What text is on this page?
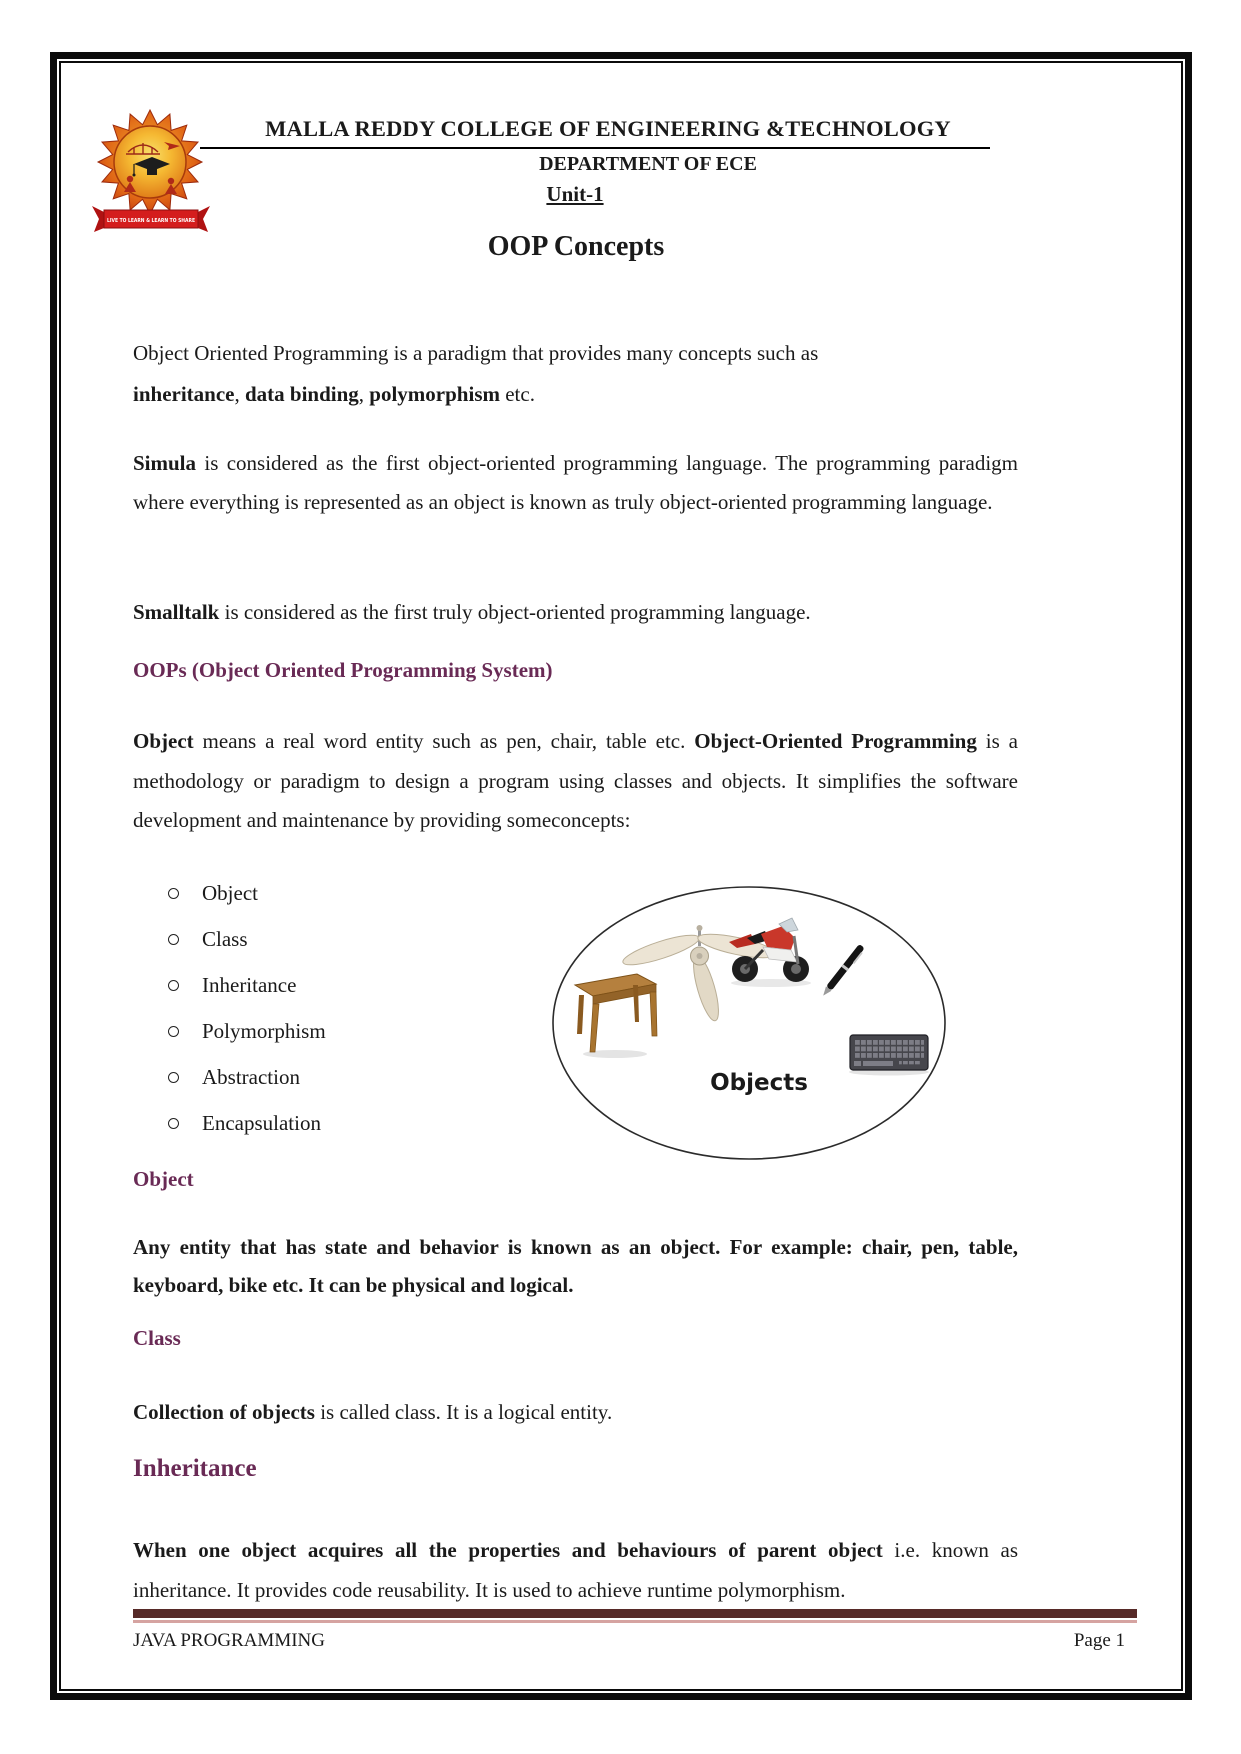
LIVE TO LEARN & LEARN TO SHARE
MALLA REDDY COLLEGE OF ENGINEERING &TECHNOLOGY
DEPARTMENT OF ECE
Unit-1
OOP Concepts

Object Oriented Programming is a paradigm that provides many concepts such as
inheritance, data binding, polymorphism etc.

Simula is considered as the first object-oriented programming language. The programming paradigm where everything is represented as an object is known as truly object-oriented programming language.

Smalltalk is considered as the first truly object-oriented programming language.

OOPs (Object Oriented Programming System)

Object means a real word entity such as pen, chair, table etc. Object-Oriented Programming is a methodology or paradigm to design a program using classes and objects. It simplifies the software development and maintenance by providing someconcepts:

Object
Class
Inheritance
Polymorphism
Abstraction
Encapsulation
Objects
Object

Any entity that has state and behavior is known as an object. For example: chair, pen, table, keyboard, bike etc. It can be physical and logical.

Class

Collection of objects is called class. It is a logical entity.

Inheritance

When one object acquires all the properties and behaviours of parent object i.e. known as inheritance. It provides code reusability. It is used to achieve runtime polymorphism.

JAVA PROGRAMMING	Page 1
